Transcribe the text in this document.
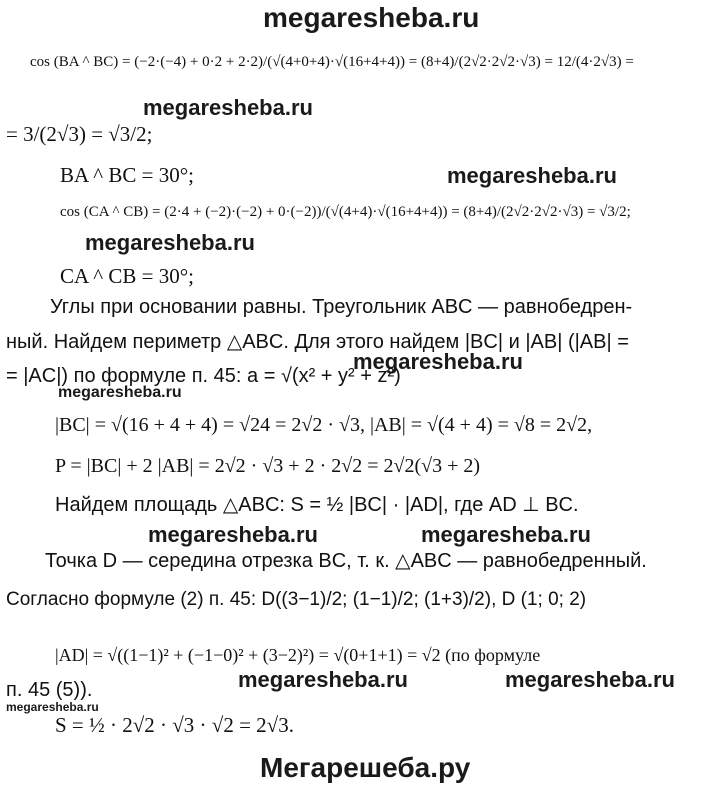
megaresheba.ru
megaresheba.ru
megaresheba.ru
megaresheba.ru
megaresheba.ru
megaresheba.ru
megaresheba.ru	megaresheba.ru
megaresheba.ru	megaresheba.ru
megaresheba.ru
Мегарешеба.ру
cos (BA ^ BC) = (−2·(−4) + 0·2 + 2·2)/(√(4+0+4)·√(16+4+4)) = (8+4)/(2√2·2√2·√3) = 12/(4·2√3) =
= 3/(2√3) = √3/2;
BA ^ BC = 30°;
cos (CA ^ CB) = (2·4 + (−2)·(−2) + 0·(−2))/(√(4+4)·√(16+4+4)) = (8+4)/(2√2·2√2·√3) = √3/2;
CA ^ CB = 30°;
Углы при основании равны. Треугольник ABC — равнобедрен-
ный. Найдем периметр △ABC. Для этого найдем |BC| и |AB| (|AB| =
= |AC|) по формуле п. 45: a = √(x² + y² + z²)
|BC| = √(16 + 4 + 4) = √24 = 2√2 · √3, |AB| = √(4 + 4) = √8 = 2√2,
P = |BC| + 2 |AB| = 2√2 · √3 + 2 · 2√2 = 2√2(√3 + 2)
Найдем площадь △ABC: S = ½ |BC| · |AD|, где AD ⊥ BC.
Точка D — середина отрезка BC, т. к. △ABC — равнобедренный.
Согласно формуле (2) п. 45: D((3−1)/2; (1−1)/2; (1+3)/2), D (1; 0; 2)
|AD| = √((1−1)² + (−1−0)² + (3−2)²) = √(0+1+1) = √2 (по формуле
п. 45 (5)).
S = ½ · 2√2 · √3 · √2 = 2√3.
